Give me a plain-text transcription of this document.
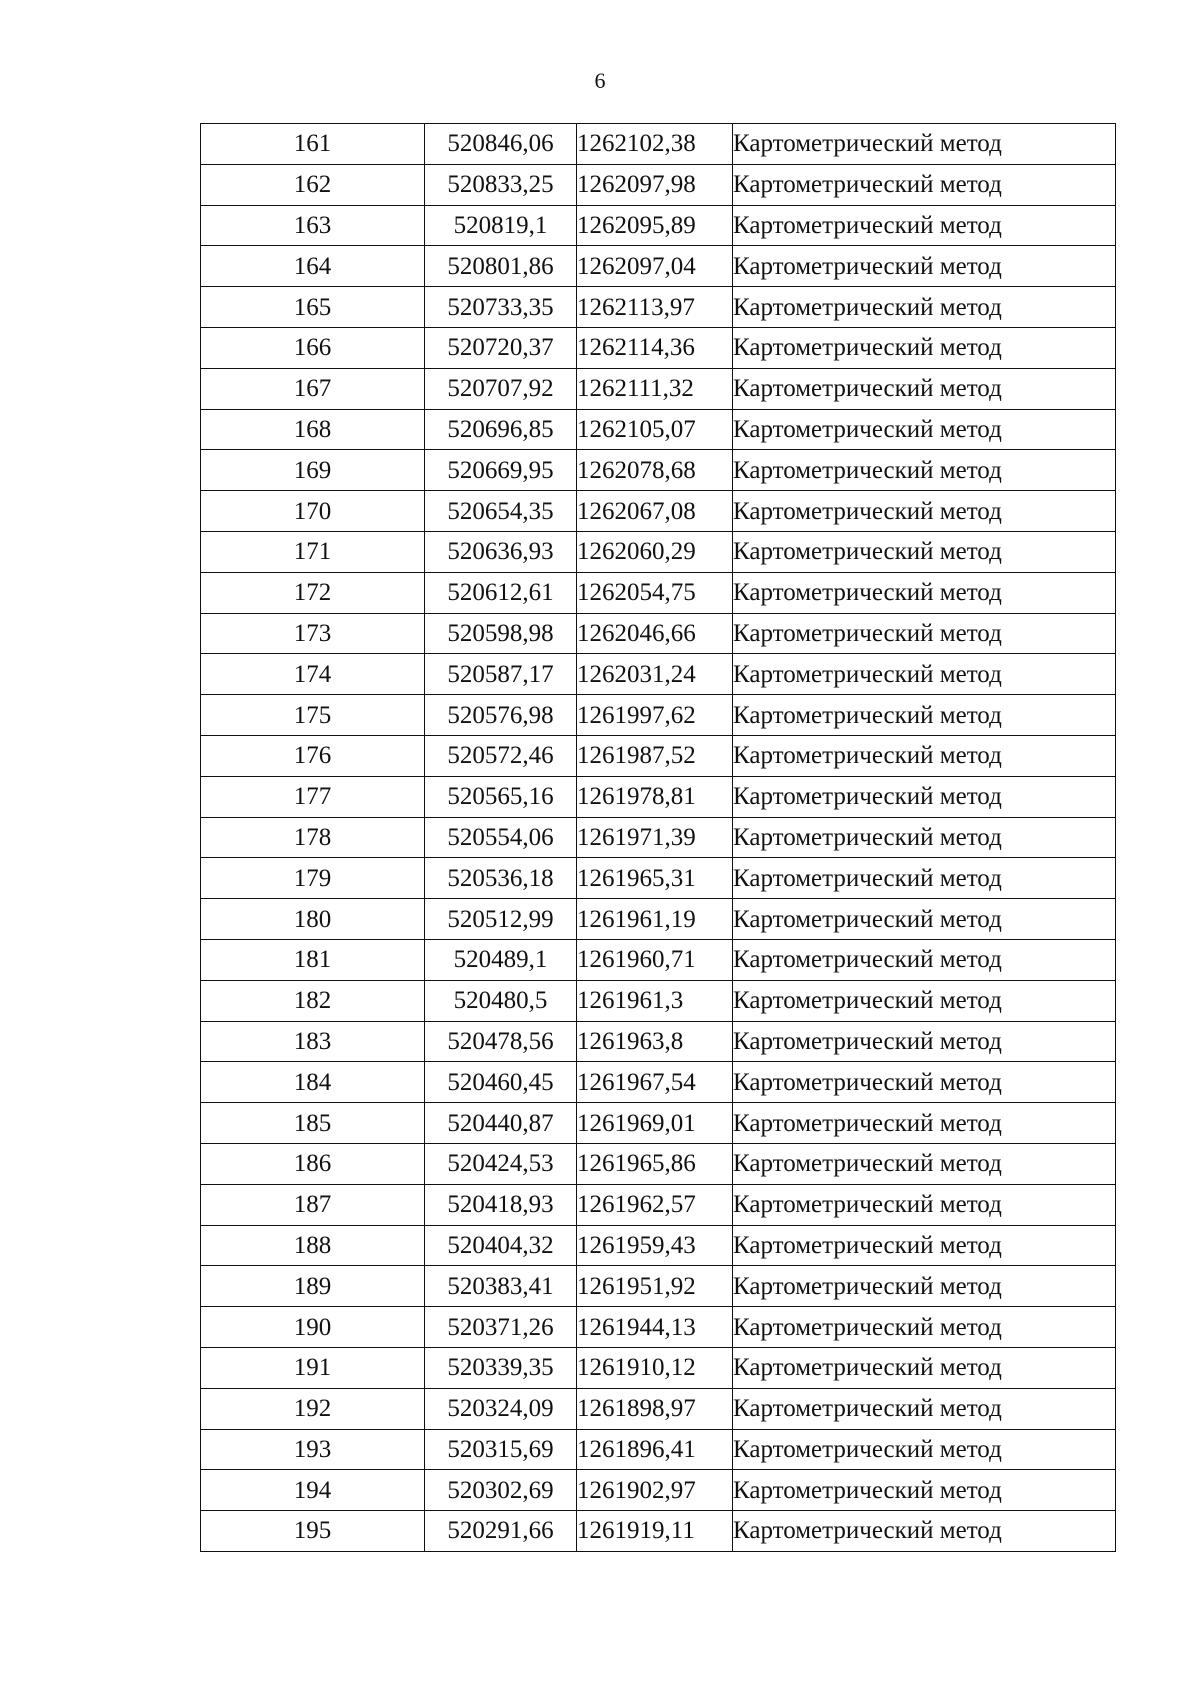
6
161	520846,06	1262102,38	Картометрический метод
162	520833,25	1262097,98	Картометрический метод
163	520819,1	1262095,89	Картометрический метод
164	520801,86	1262097,04	Картометрический метод
165	520733,35	1262113,97	Картометрический метод
166	520720,37	1262114,36	Картометрический метод
167	520707,92	1262111,32	Картометрический метод
168	520696,85	1262105,07	Картометрический метод
169	520669,95	1262078,68	Картометрический метод
170	520654,35	1262067,08	Картометрический метод
171	520636,93	1262060,29	Картометрический метод
172	520612,61	1262054,75	Картометрический метод
173	520598,98	1262046,66	Картометрический метод
174	520587,17	1262031,24	Картометрический метод
175	520576,98	1261997,62	Картометрический метод
176	520572,46	1261987,52	Картометрический метод
177	520565,16	1261978,81	Картометрический метод
178	520554,06	1261971,39	Картометрический метод
179	520536,18	1261965,31	Картометрический метод
180	520512,99	1261961,19	Картометрический метод
181	520489,1	1261960,71	Картометрический метод
182	520480,5	1261961,3	Картометрический метод
183	520478,56	1261963,8	Картометрический метод
184	520460,45	1261967,54	Картометрический метод
185	520440,87	1261969,01	Картометрический метод
186	520424,53	1261965,86	Картометрический метод
187	520418,93	1261962,57	Картометрический метод
188	520404,32	1261959,43	Картометрический метод
189	520383,41	1261951,92	Картометрический метод
190	520371,26	1261944,13	Картометрический метод
191	520339,35	1261910,12	Картометрический метод
192	520324,09	1261898,97	Картометрический метод
193	520315,69	1261896,41	Картометрический метод
194	520302,69	1261902,97	Картометрический метод
195	520291,66	1261919,11	Картометрический метод
